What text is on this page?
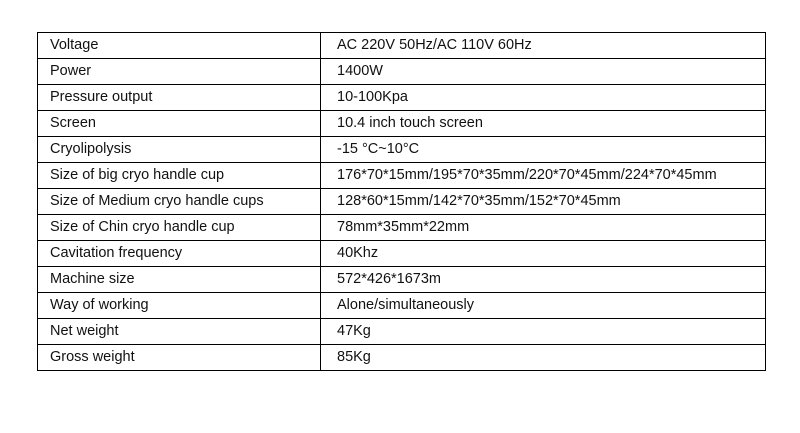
Voltage	AC 220V 50Hz/AC 110V 60Hz
Power	1400W
Pressure output	10-100Kpa
Screen	10.4 inch touch screen
Cryolipolysis	-15 °C~10°C
Size of big cryo handle cup	176*70*15mm/195*70*35mm/220*70*45mm/224*70*45mm
Size of Medium cryo handle cups	128*60*15mm/142*70*35mm/152*70*45mm
Size of Chin cryo handle cup	78mm*35mm*22mm
Cavitation frequency	40Khz
Machine size	572*426*1673m
Way of working	Alone/simultaneously
Net weight	47Kg
Gross weight	85Kg
